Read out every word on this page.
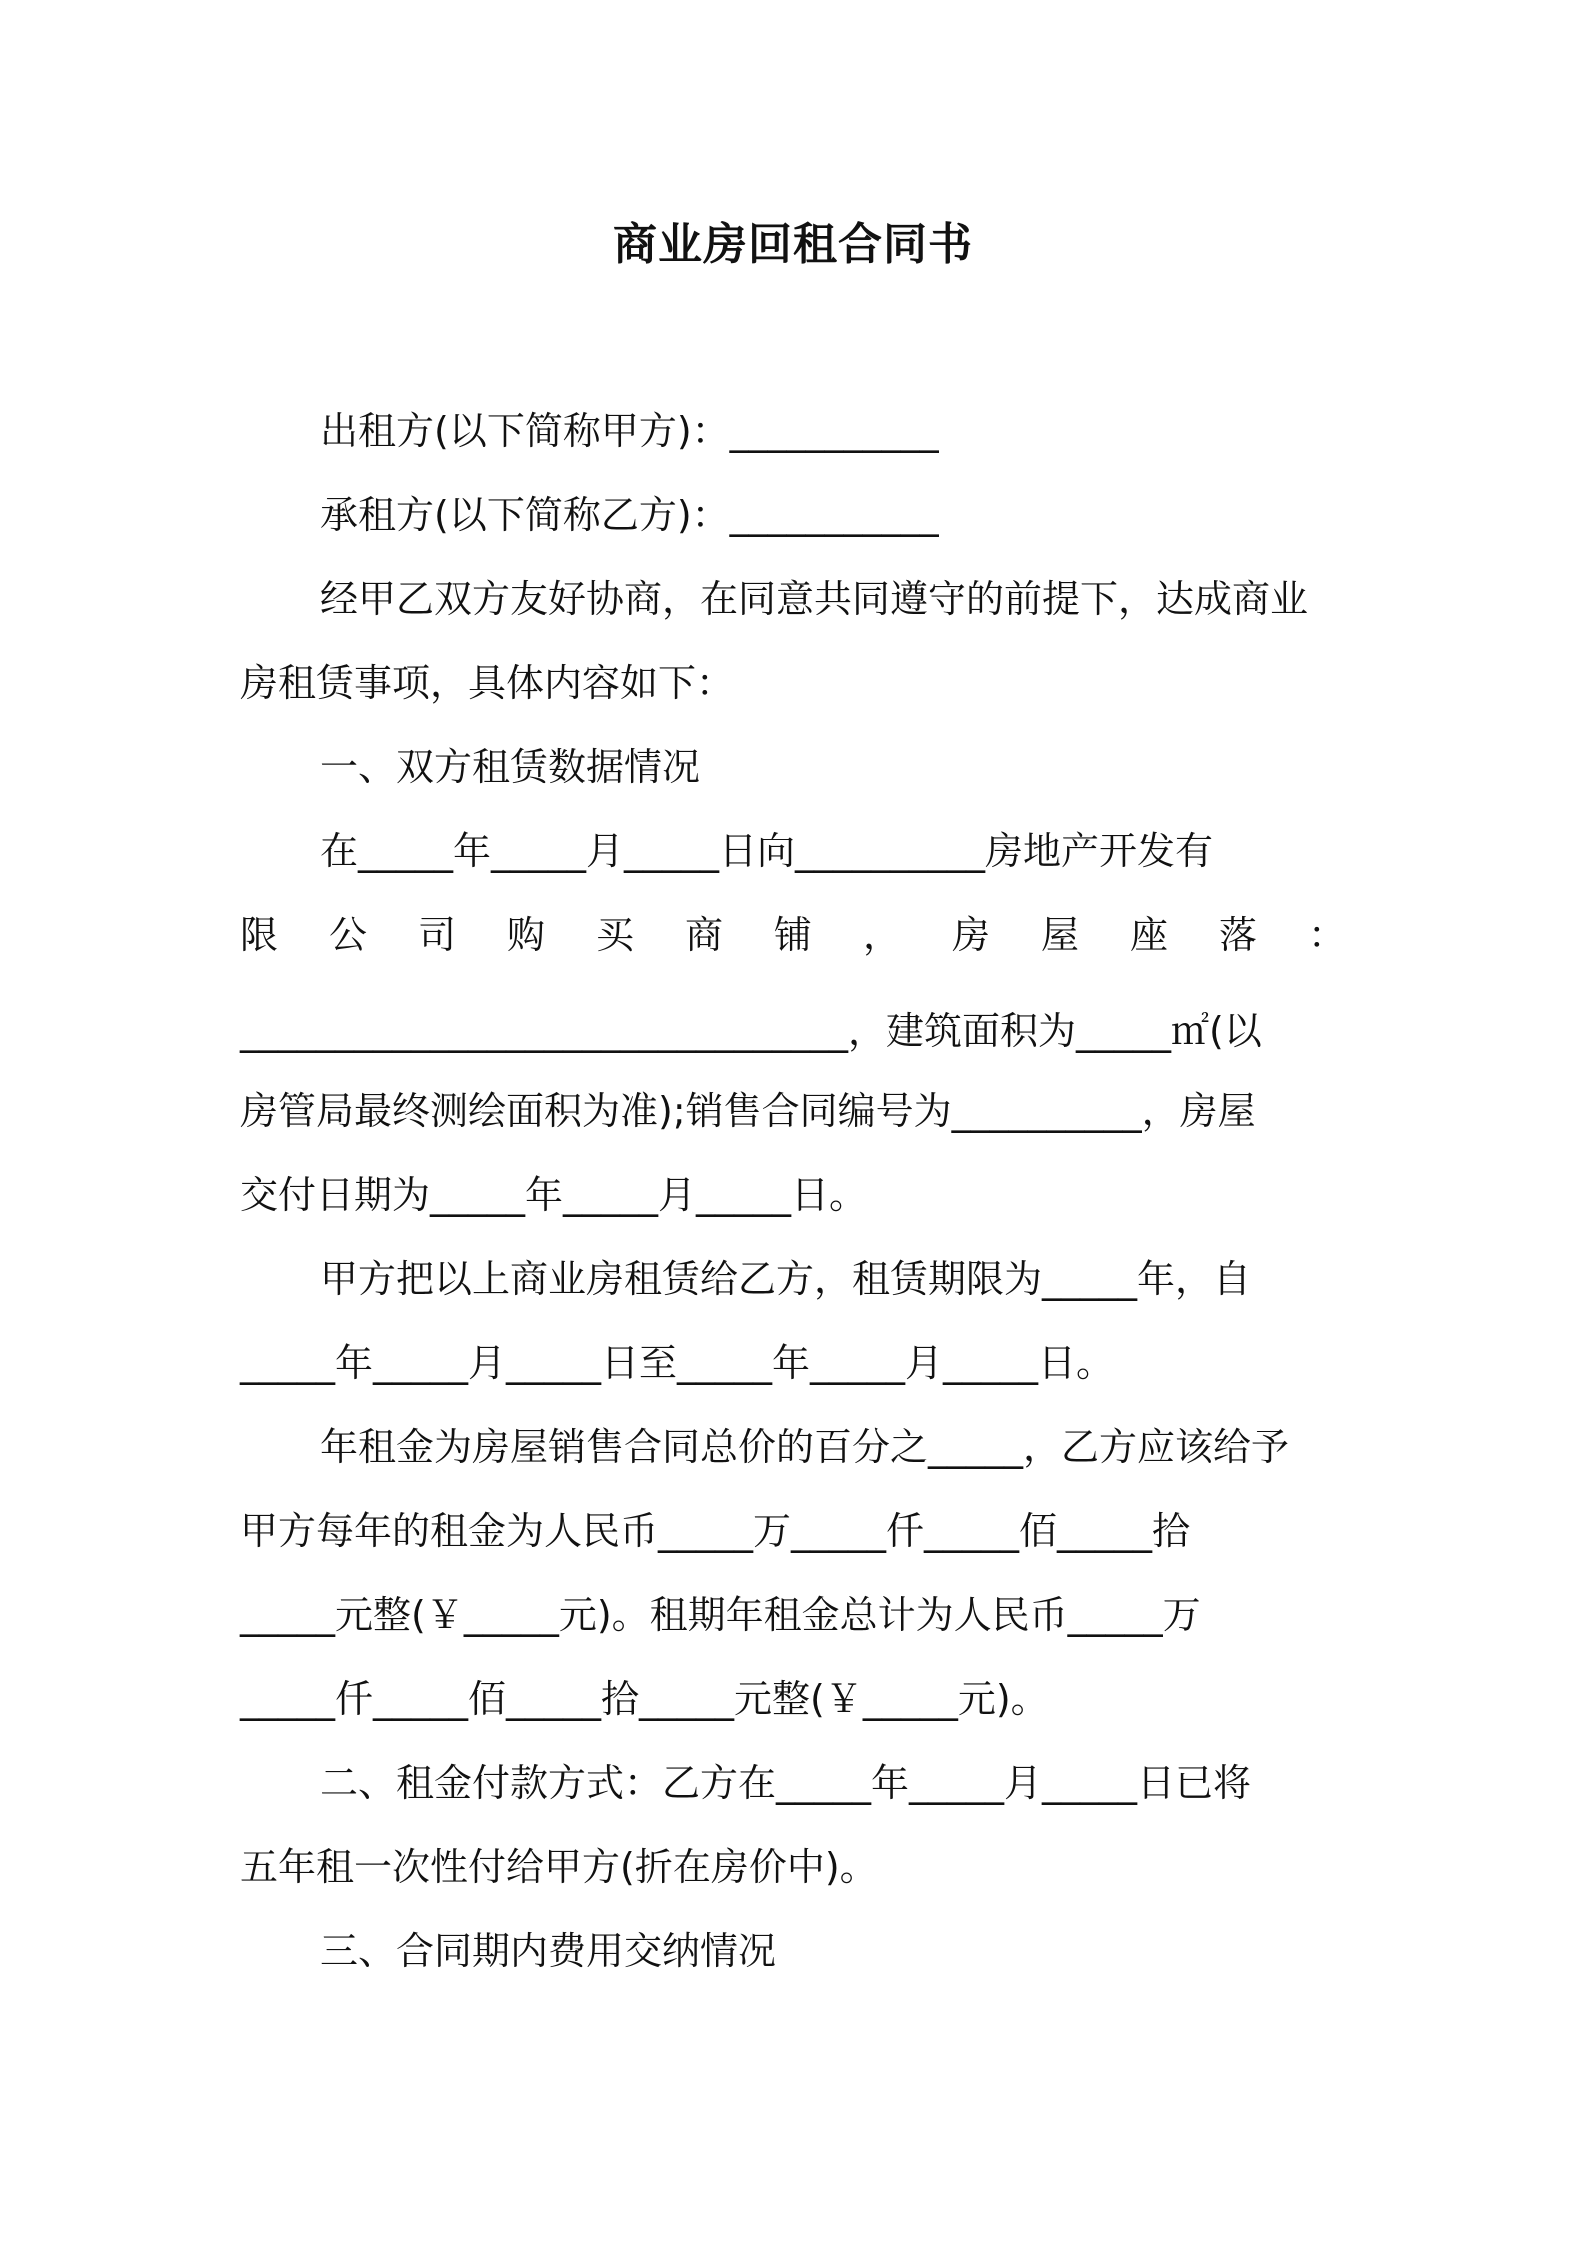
商业房回租合同书

出租方(以下简称甲方)：___________

承租方(以下简称乙方)：___________

经甲乙双方友好协商，在同意共同遵守的前提下，达成商业

房租赁事项，具体内容如下：

一、双方租赁数据情况

在_____年_____月_____日向__________房地产开发有

限 公 司 购 买 商 铺 ， 房 屋 座 落 ：

________________________________，建筑面积为_____㎡(以

房管局最终测绘面积为准);销售合同编号为__________，房屋

交付日期为_____年_____月_____日。

甲方把以上商业房租赁给乙方，租赁期限为_____年，自

_____年_____月_____日至_____年_____月_____日。

年租金为房屋销售合同总价的百分之_____，乙方应该给予

甲方每年的租金为人民币_____万_____仟_____佰_____拾

_____元整(￥_____元)。租期年租金总计为人民币_____万

_____仟_____佰_____拾_____元整(￥_____元)。

二、租金付款方式：乙方在_____年_____月_____日已将

五年租一次性付给甲方(折在房价中)。

三、合同期内费用交纳情况
